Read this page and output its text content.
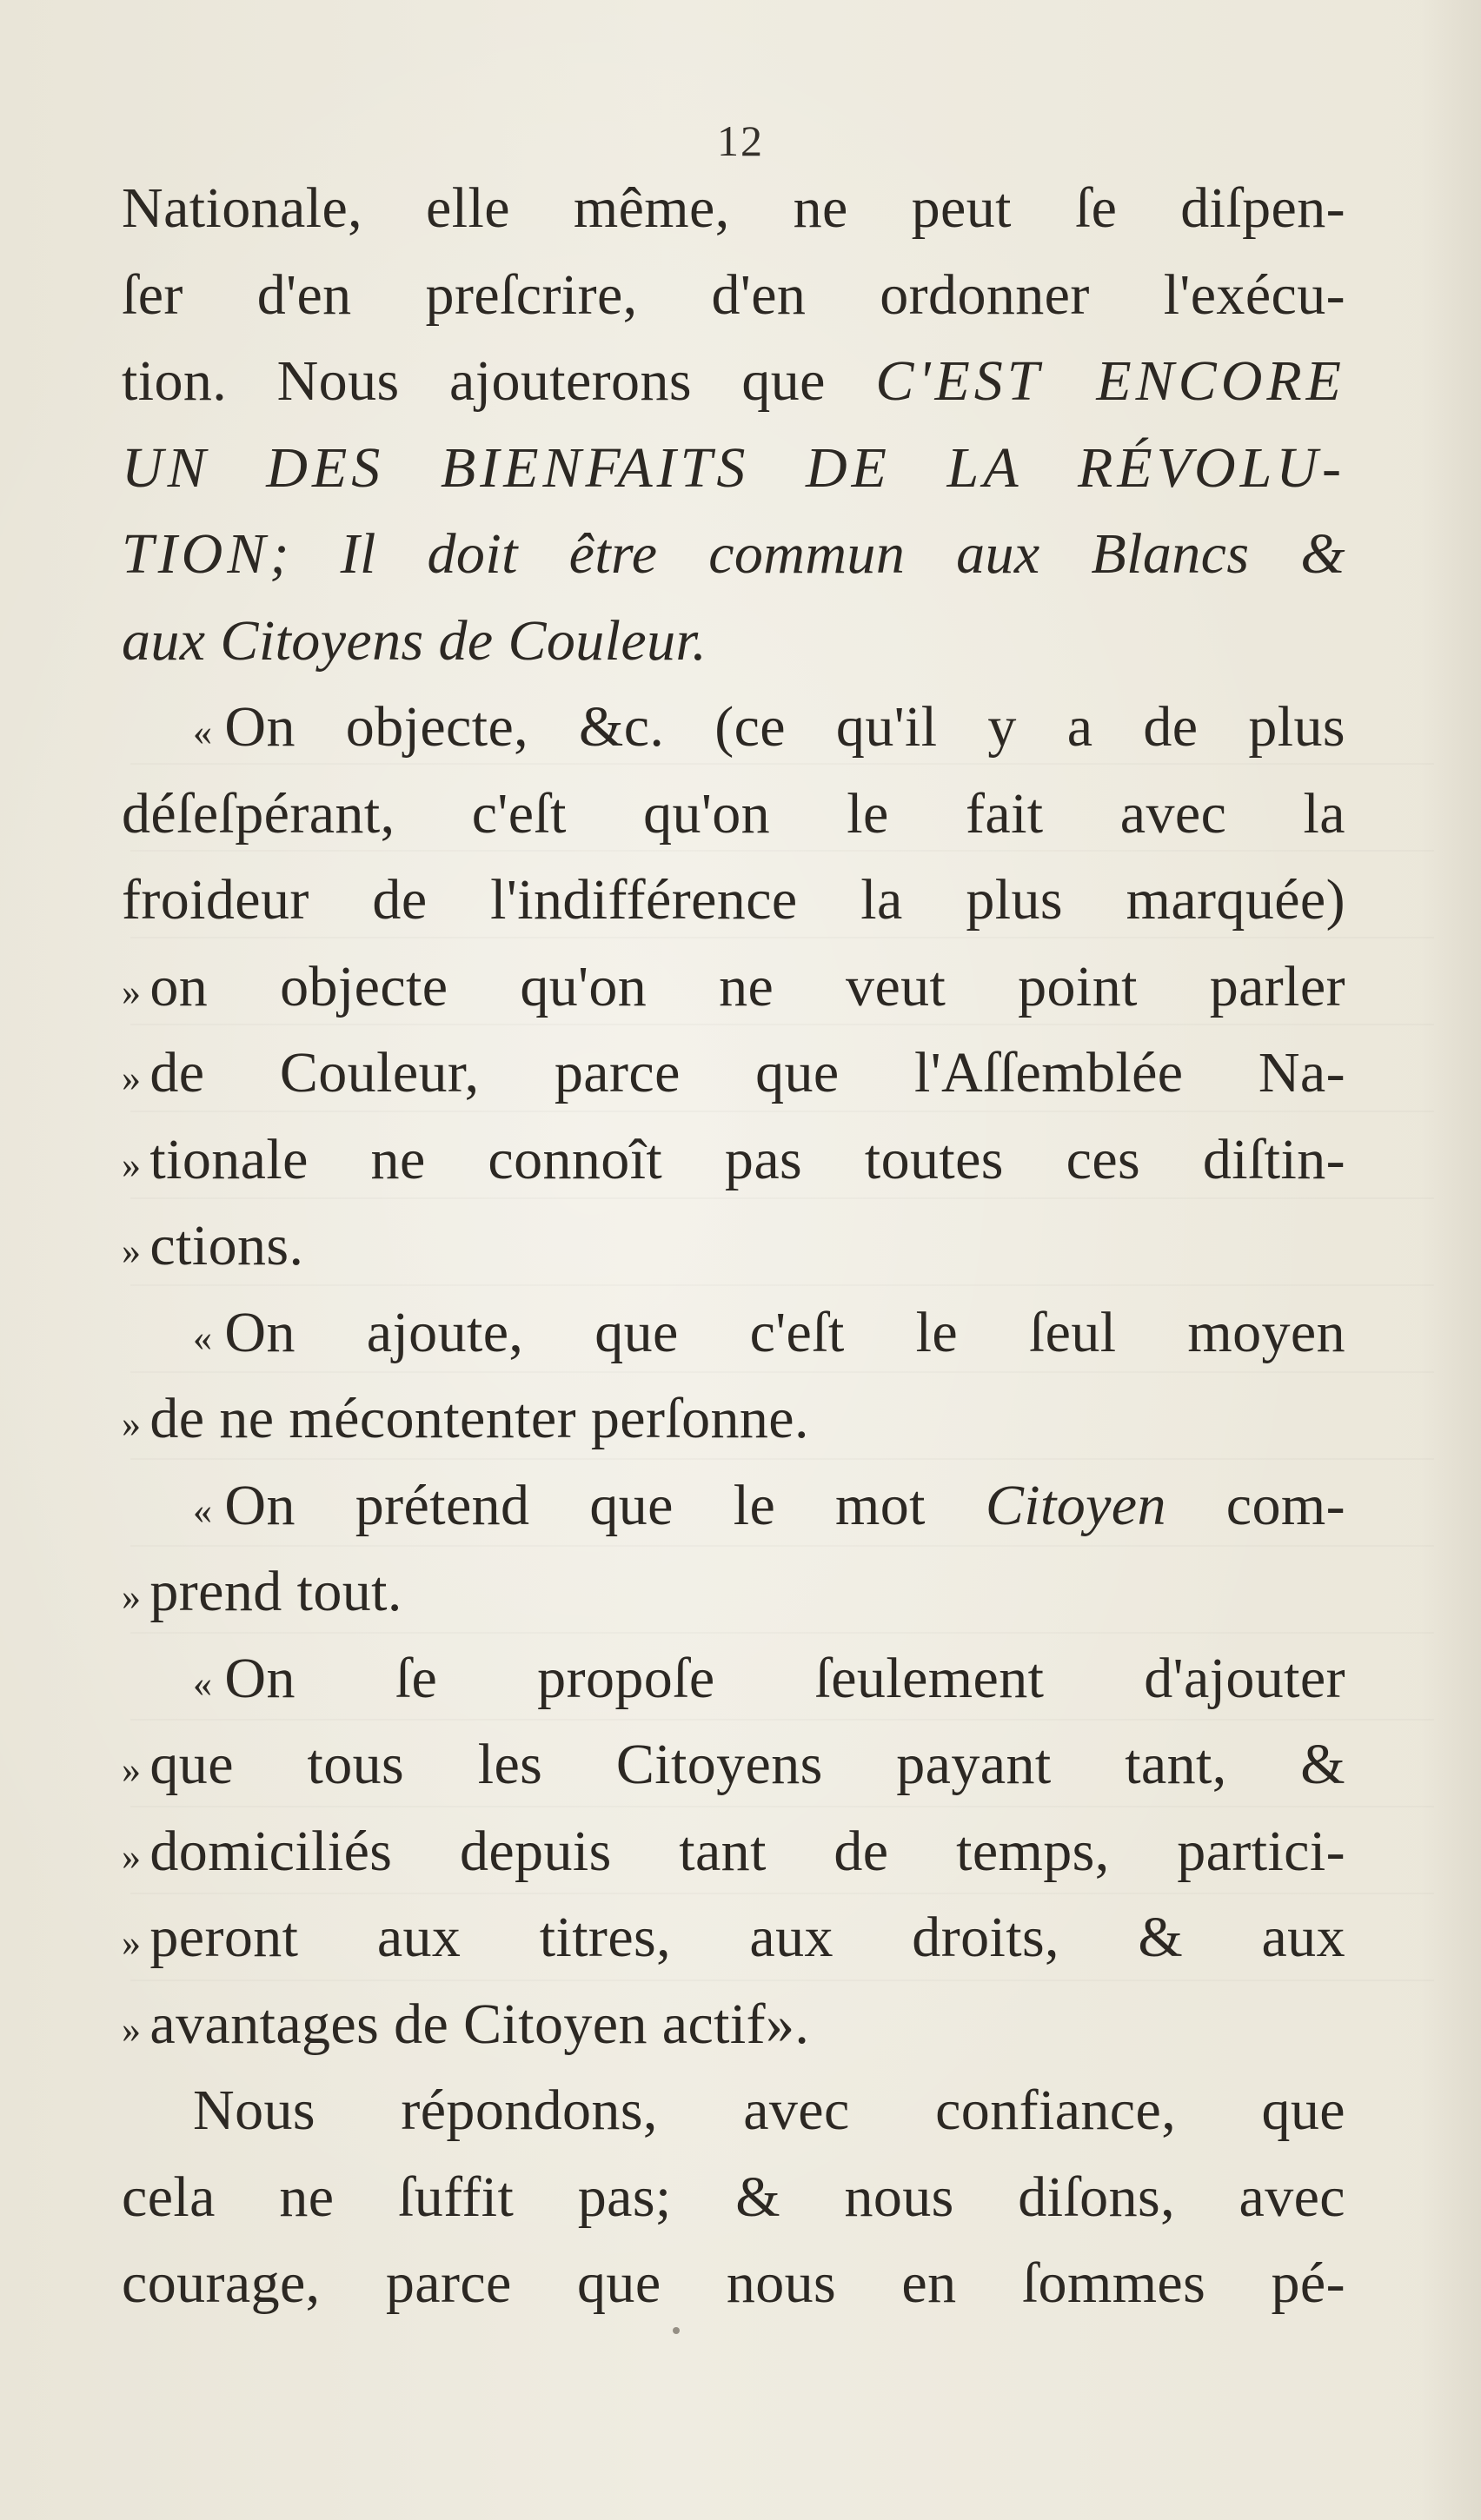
12
Nationale, elle même, ne peut ſe diſpen-
ſer d'en preſcrire, d'en ordonner l'exécu-
tion. Nous ajouterons que C'EST ENCORE
UN DES BIENFAITS DE LA RÉVOLU-
TION; Il doit être commun aux Blancs &
aux Citoyens de Couleur.
« On objecte, &c. (ce qu'il y a de plus
déſeſpérant, c'eſt qu'on le fait avec la
froideur de l'indifférence la plus marquée)
» on objecte qu'on ne veut point parler
» de Couleur, parce que l'Aſſemblée Na-
» tionale ne connoît pas toutes ces diſtin-
» ctions.
« On ajoute, que c'eſt le ſeul moyen
» de ne mécontenter perſonne.
« On prétend que le mot Citoyen com-
» prend tout.
« On ſe propoſe ſeulement d'ajouter
» que tous les Citoyens payant tant, &
» domiciliés depuis tant de temps, partici-
» peront aux titres, aux droits, & aux
» avantages de Citoyen actif».
Nous répondons, avec confiance, que
cela ne ſuffit pas; & nous diſons, avec
courage, parce que nous en ſommes pé-
